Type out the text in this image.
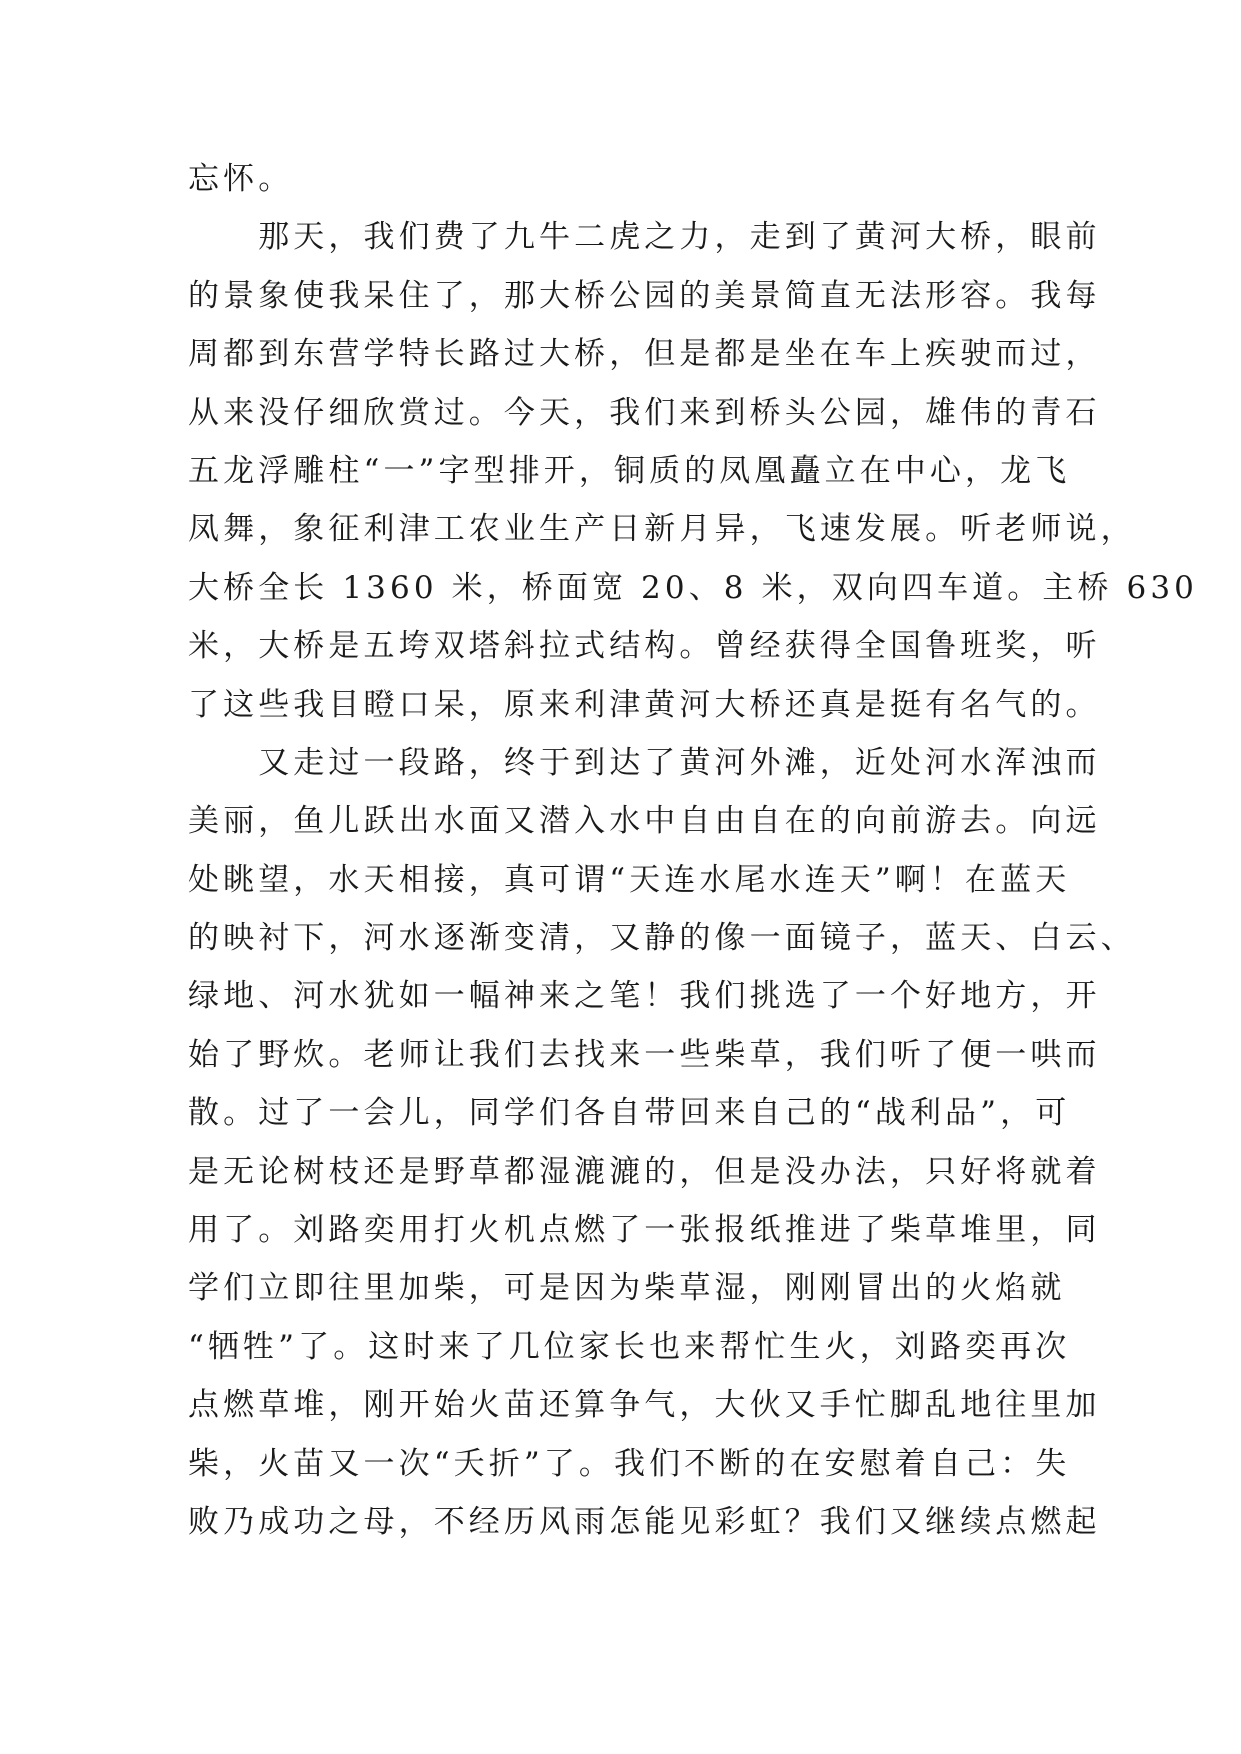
忘怀。
　　那天，我们费了九牛二虎之力，走到了黄河大桥，眼前
的景象使我呆住了，那大桥公园的美景简直无法形容。我每
周都到东营学特长路过大桥，但是都是坐在车上疾驶而过，
从来没仔细欣赏过。今天，我们来到桥头公园，雄伟的青石
五龙浮雕柱“一”字型排开，铜质的凤凰矗立在中心，龙飞
凤舞，象征利津工农业生产日新月异，飞速发展。听老师说，
大桥全长 1360 米，桥面宽 20、8 米，双向四车道。主桥 630
米，大桥是五垮双塔斜拉式结构。曾经获得全国鲁班奖，听
了这些我目瞪口呆，原来利津黄河大桥还真是挺有名气的。
　　又走过一段路，终于到达了黄河外滩，近处河水浑浊而
美丽，鱼儿跃出水面又潜入水中自由自在的向前游去。向远
处眺望，水天相接，真可谓“天连水尾水连天”啊！在蓝天
的映衬下，河水逐渐变清，又静的像一面镜子，蓝天、白云、
绿地、河水犹如一幅神来之笔！我们挑选了一个好地方，开
始了野炊。老师让我们去找来一些柴草，我们听了便一哄而
散。过了一会儿，同学们各自带回来自己的“战利品”，可
是无论树枝还是野草都湿漉漉的，但是没办法，只好将就着
用了。刘路奕用打火机点燃了一张报纸推进了柴草堆里，同
学们立即往里加柴，可是因为柴草湿，刚刚冒出的火焰就
“牺牲”了。这时来了几位家长也来帮忙生火，刘路奕再次
点燃草堆，刚开始火苗还算争气，大伙又手忙脚乱地往里加
柴，火苗又一次“夭折”了。我们不断的在安慰着自己：失
败乃成功之母，不经历风雨怎能见彩虹？我们又继续点燃起
